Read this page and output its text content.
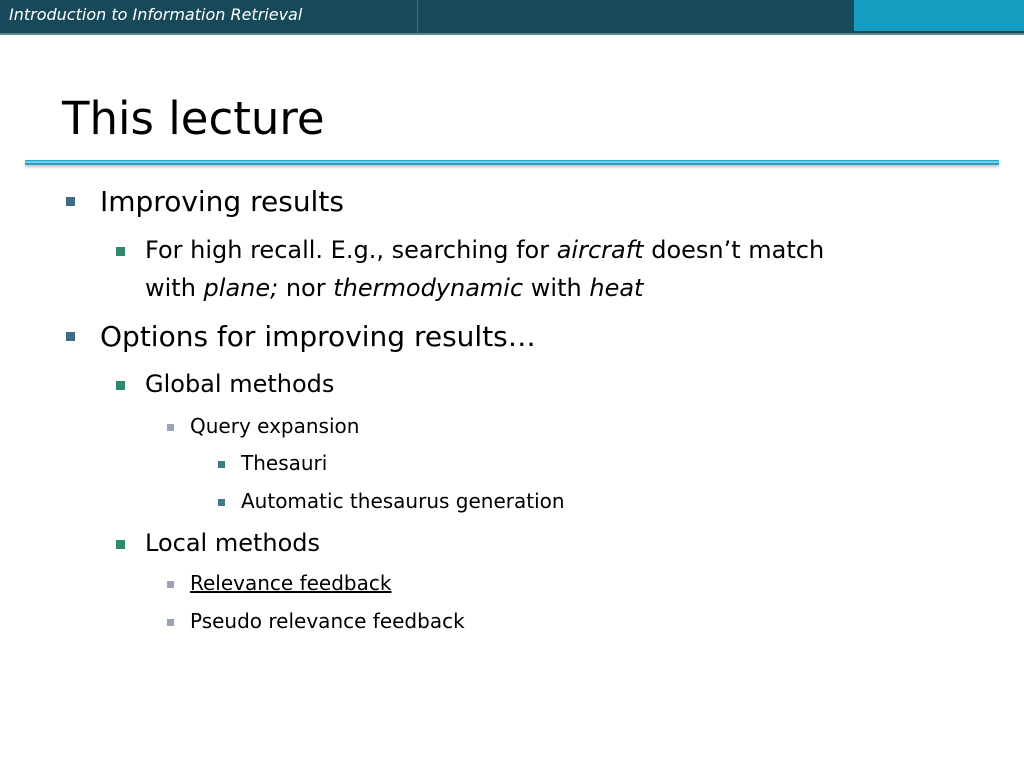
Introduction to Information Retrieval
This lecture
Improving results
For high recall. E.g., searching for aircraft doesn’t match
with plane; nor thermodynamic with heat
Options for improving results…
Global methods
Query expansion
Thesauri
Automatic thesaurus generation
Local methods
Relevance feedback
Pseudo relevance feedback
